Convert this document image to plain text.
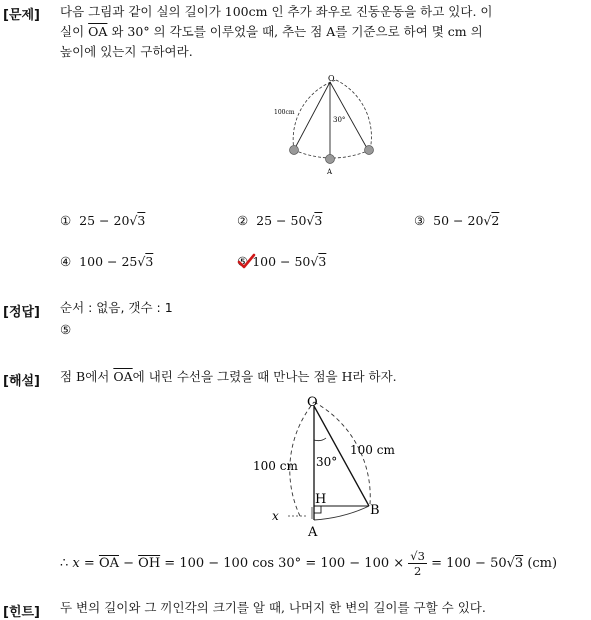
[문제] 다음 그림과 같이 실의 길이가 100cm 인 추가 좌우로 진동운동을 하고 있다. 이
실이 $\overline{OA}$ 와 30° 의 각도를 이루었을 때, 추는 점 A를 기준으로 하여 몇 cm 의
높이에 있는지 구하여라.
O
100cm
30°
A
① 25 − 20√3	② 25 − 50√3	③ 50 − 20√2
④ 100 − 25√3	⑤ 100 − 50√3
[정답] 순서 : 없음, 갯수 : 1
⑤
[해설] 점 B에서 $\overline{OA}$에 내린 수선을 그렸을 때 만나는 점을 H라 하자.
O
100 cm
100 cm
30°
H
B
A
x
∴
$x = \overline{OA} - \overline{OH} = 100 - 100$ $\cos 30^\circ = 100 - 100 \times \frac{√3}{2} = 100 - 50$ √ 3 (cm)
[힌트] 두 변의 길이와 그 끼인각의 크기를 알 때, 나머지 한 변의 길이를 구할 수 있다.
